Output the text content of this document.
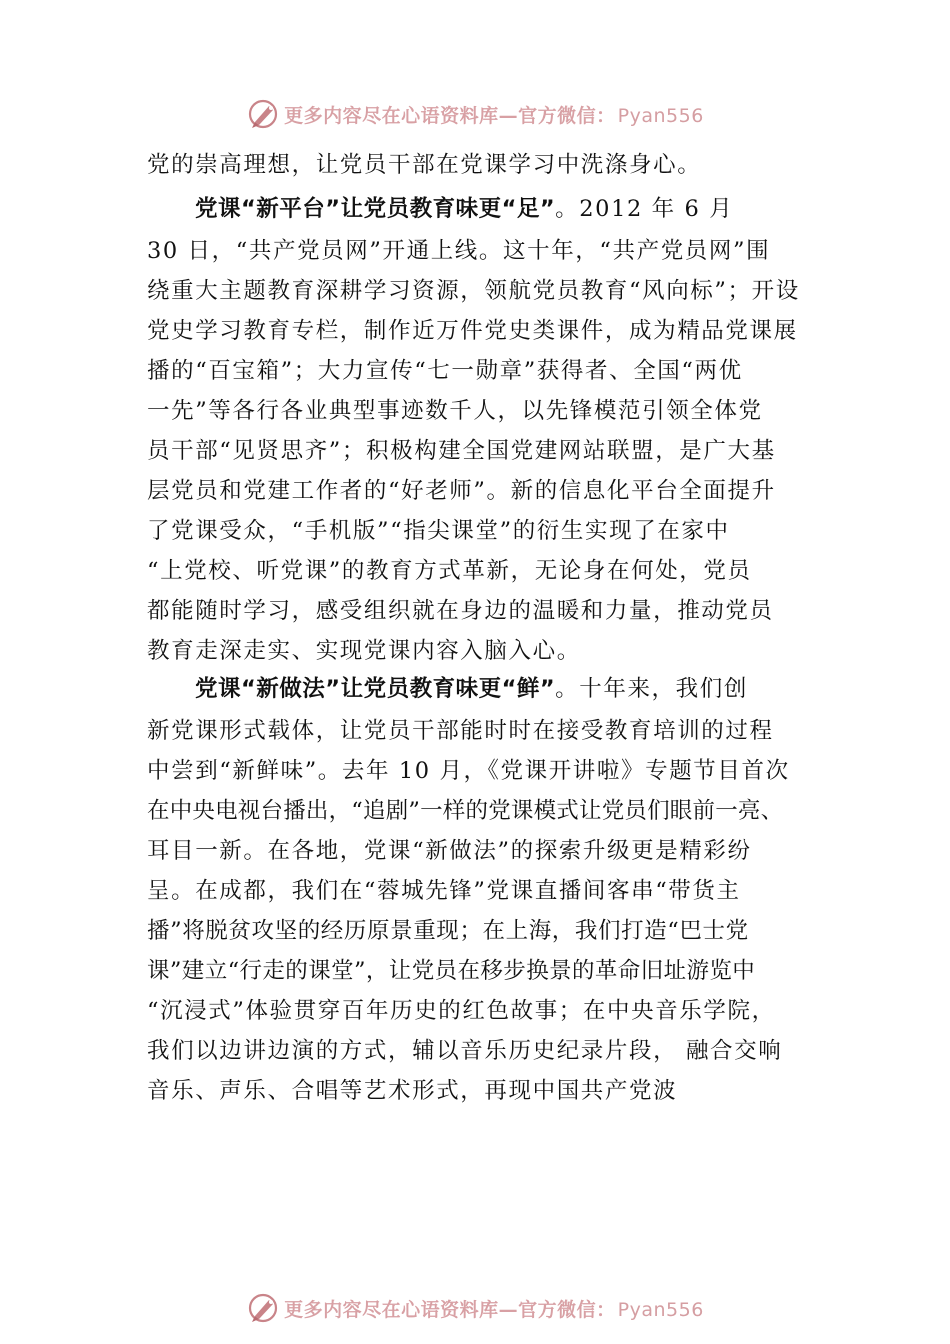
更多内容尽在心语资料库—官方微信： Pyan556
党的崇高理想，让党员干部在党课学习中洗涤身心。
党课“新平台”让党员教育味更“足”。2012 年 6 月
30 日，“共产党员网”开通上线。这十年，“共产党员网”围
绕重大主题教育深耕学习资源，领航党员教育“风向标”；开设
党史学习教育专栏，制作近万件党史类课件，成为精品党课展
播的“百宝箱”；大力宣传“七一勋章”获得者、全国“两优
一先”等各行各业典型事迹数千人，以先锋模范引领全体党
员干部“见贤思齐”；积极构建全国党建网站联盟，是广大基
层党员和党建工作者的“好老师”。新的信息化平台全面提升
了党课受众，“手机版”“指尖课堂”的衍生实现了在家中
“上党校、听党课”的教育方式革新，无论身在何处，党员
都能随时学习，感受组织就在身边的温暖和力量，推动党员
教育走深走实、实现党课内容入脑入心。
党课“新做法”让党员教育味更“鲜”。十年来，我们创
新党课形式载体，让党员干部能时时在接受教育培训的过程
中尝到“新鲜味”。去年 10 月，《党课开讲啦》专题节目首次
在中央电视台播出，“追剧”一样的党课模式让党员们眼前一亮、
耳目一新。在各地，党课“新做法”的探索升级更是精彩纷
呈。在成都，我们在“蓉城先锋”党课直播间客串“带货主
播”将脱贫攻坚的经历原景重现；在上海，我们打造“巴士党
课”建立“行走的课堂”，让党员在移步换景的革命旧址游览中
“沉浸式”体验贯穿百年历史的红色故事；在中央音乐学院，
我们以边讲边演的方式，辅以音乐历史纪录片段， 融合交响
音乐、声乐、合唱等艺术形式，再现中国共产党波
更多内容尽在心语资料库—官方微信： Pyan556
